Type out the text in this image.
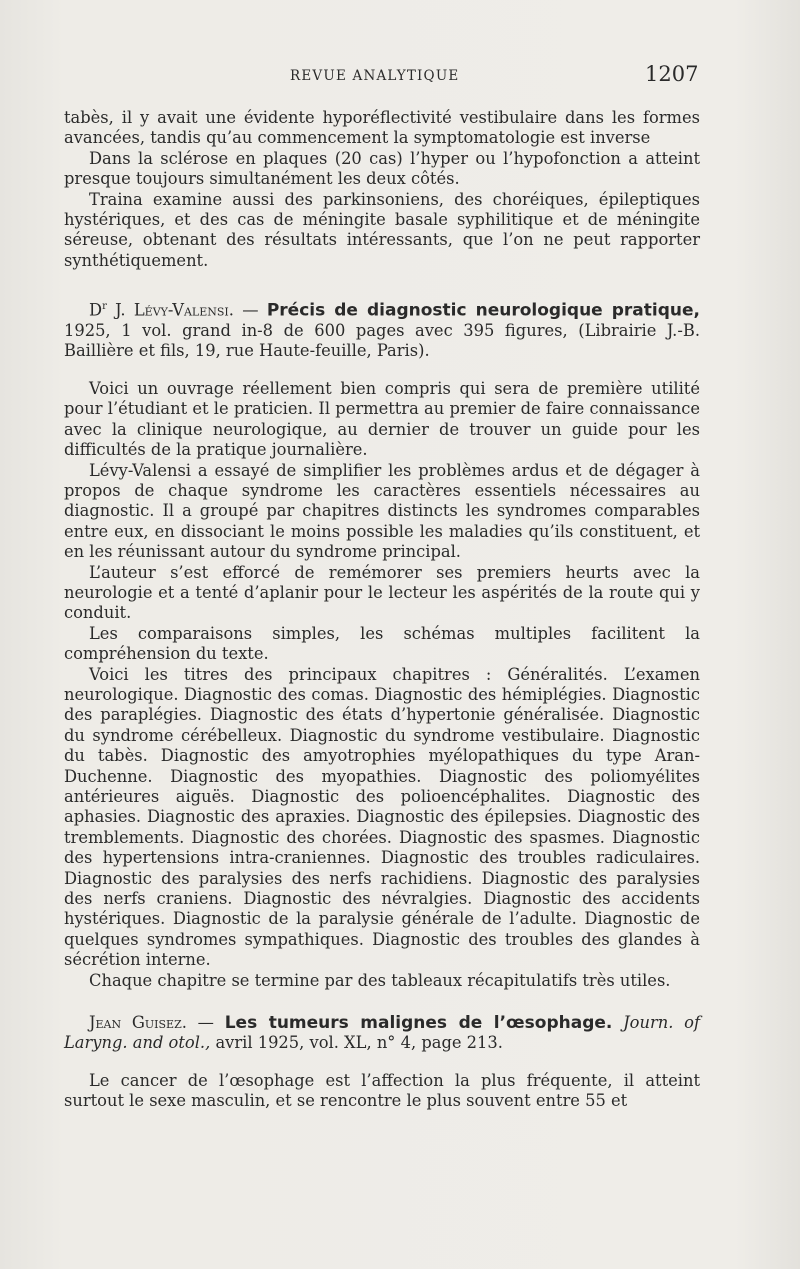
REVUE ANALYTIQUE	1207

tabès, il y avait une évidente hyporéflectivité vestibulaire dans les formes avancées, tandis qu’au commencement la symptomatologie est inverse

Dans la sclérose en plaques (20 cas) l’hyper ou l’hypofonction a atteint presque toujours simultanément les deux côtés.

Traina examine aussi des parkinsoniens, des choréiques, épileptiques hystériques, et des cas de méningite basale syphilitique et de méningite séreuse, obtenant des résultats intéressants, que l’on ne peut rapporter synthétiquement.

$D^r$ J. Lévy-Valensi. — Précis de diagnostic neurologique pratique, 1925, 1 vol. grand in-8 de 600 pages avec 395 figures, (Librairie J.-B. Baillière et fils, 19, rue Haute-feuille, Paris).

Voici un ouvrage réellement bien compris qui sera de première utilité pour l’étudiant et le praticien. Il permettra au premier de faire connaissance avec la clinique neurologique, au dernier de trouver un guide pour les difficultés de la pratique journalière.

Lévy-Valensi a essayé de simplifier les problèmes ardus et de dégager à propos de chaque syndrome les caractères essentiels nécessaires au diagnostic. Il a groupé par chapitres distincts les syndromes comparables entre eux, en dissociant le moins possible les maladies qu’ils constituent, et en les réunissant autour du syndrome principal.

L’auteur s’est efforcé de remémorer ses premiers heurts avec la neurologie et a tenté d’aplanir pour le lecteur les aspérités de la route qui y conduit.

Les comparaisons simples, les schémas multiples facilitent la compréhension du texte.

Voici les titres des principaux chapitres : Généralités. L’examen neurologique. Diagnostic des comas. Diagnostic des hémiplégies. Diagnostic des paraplégies. Diagnostic des états d’hypertonie généralisée. Diagnostic du syndrome cérébelleux. Diagnostic du syndrome vestibulaire. Diagnostic du tabès. Diagnostic des amyotrophies myélopathiques du type Aran-Duchenne. Diagnostic des myopathies. Diagnostic des poliomyélites antérieures aiguës. Diagnostic des polioencéphalites. Diagnostic des aphasies. Diagnostic des apraxies. Diagnostic des épilepsies. Diagnostic des tremblements. Diagnostic des chorées. Diagnostic des spasmes. Diagnostic des hypertensions intra-craniennes. Diagnostic des troubles radiculaires. Diagnostic des paralysies des nerfs rachidiens. Diagnostic des paralysies des nerfs craniens. Diagnostic des névralgies. Diagnostic des accidents hystériques. Diagnostic de la paralysie générale de l’adulte. Diagnostic de quelques syndromes sympathiques. Diagnostic des troubles des glandes à sécrétion interne.

Chaque chapitre se termine par des tableaux récapitulatifs très utiles.

Jean Guisez. — Les tumeurs malignes de l’œsophage. Journ. of Laryng. and otol., avril 1925, vol. XL, n° 4, page 213.

Le cancer de l’œsophage est l’affection la plus fréquente, il atteint surtout le sexe masculin, et se rencontre le plus souvent entre 55 et
